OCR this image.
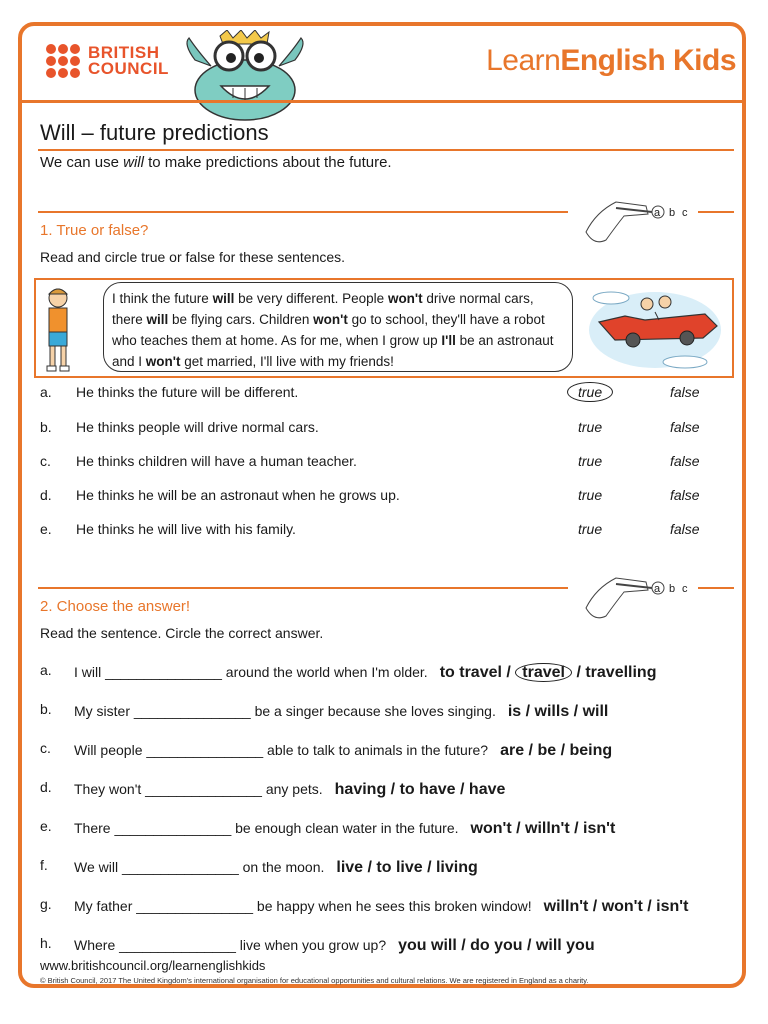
BRITISH
COUNCIL	LearnEnglish Kids
Will – future predictions
We can use will to make predictions about the future.
a b c
1. True or false?
Read and circle true or false for these sentences.
I think the future will be very different. People won't drive normal cars, there will be flying cars. Children won't go to school, they'll have a robot who teaches them at home. As for me, when I grow up I'll be an astronaut and I won't get married, I'll live with my friends!
a. He thinks the future will be different.	true	false
b. He thinks people will drive normal cars.	true	false
c. He thinks children will have a human teacher.	true	false
d. He thinks he will be an astronaut when he grows up.	true	false
e. He thinks he will live with his family.	true	false
a b c
2. Choose the answer!
Read the sentence. Circle the correct answer.
a. I will _______________ around the world when I'm older. to travel / travel / travelling
b. My sister _______________ be a singer because she loves singing. is / wills / will
c. Will people _______________ able to talk to animals in the future? are / be / being
d. They won't _______________ any pets. having / to have / have
e. There _______________ be enough clean water in the future. won't / willn't / isn't
f. We will _______________ on the moon. live / to live / living
g. My father _______________ be happy when he sees this broken window! willn't / won't / isn't
h. Where _______________ live when you grow up? you will / do you / will you
www.britishcouncil.org/learnenglishkids
© British Council, 2017 The United Kingdom's international organisation for educational opportunities and cultural relations. We are registered in England as a charity.
